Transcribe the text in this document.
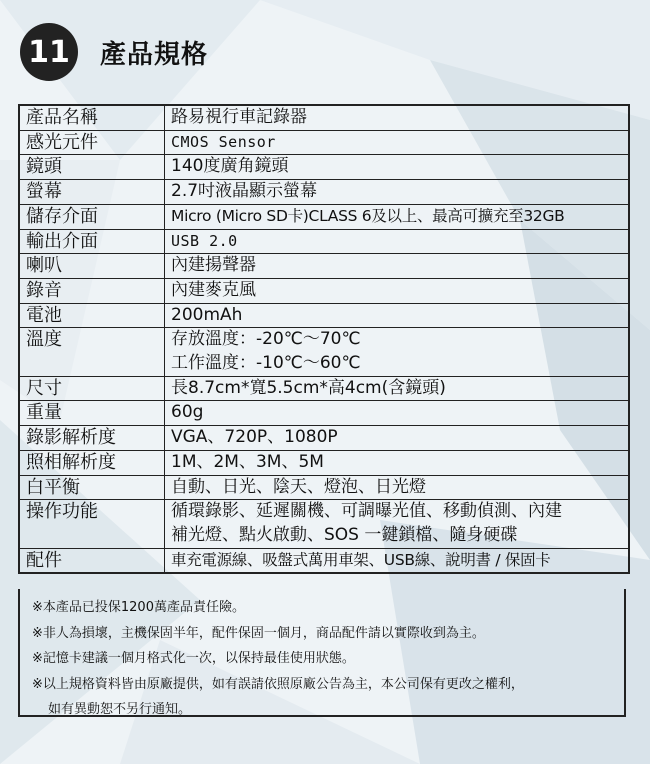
11	產品規格
產品名稱	路易視行車記錄器
感光元件	CMOS Sensor
鏡頭	140度廣角鏡頭
螢幕	2.7吋液晶顯示螢幕
儲存介面	Micro (Micro SD卡)CLASS 6及以上、最高可擴充至32GB
輸出介面	USB 2.0
喇叭	內建揚聲器
錄音	內建麥克風
電池	200mAh
溫度	存放溫度：-20℃～70℃
工作溫度：-10℃～60℃

尺寸	長8.7cm*寬5.5cm*高4cm(含鏡頭)
重量	60g
錄影解析度	VGA、720P、1080P
照相解析度	1M、2M、3M、5M
白平衡	自動、日光、陰天、燈泡、日光燈
操作功能	循環錄影、延遲關機、可調曝光值、移動偵測、內建
補光燈、點火啟動、SOS 一鍵鎖檔、隨身硬碟

配件	車充電源線、吸盤式萬用車架、USB線、說明書 / 保固卡
※本產品已投保1200萬產品責任險。
※非人為損壞，主機保固半年，配件保固一個月，商品配件請以實際收到為主。
※記憶卡建議一個月格式化一次，以保持最佳使用狀態。
※以上規格資料皆由原廠提供，如有誤請依照原廠公告為主，本公司保有更改之權利，
如有異動恕不另行通知。
